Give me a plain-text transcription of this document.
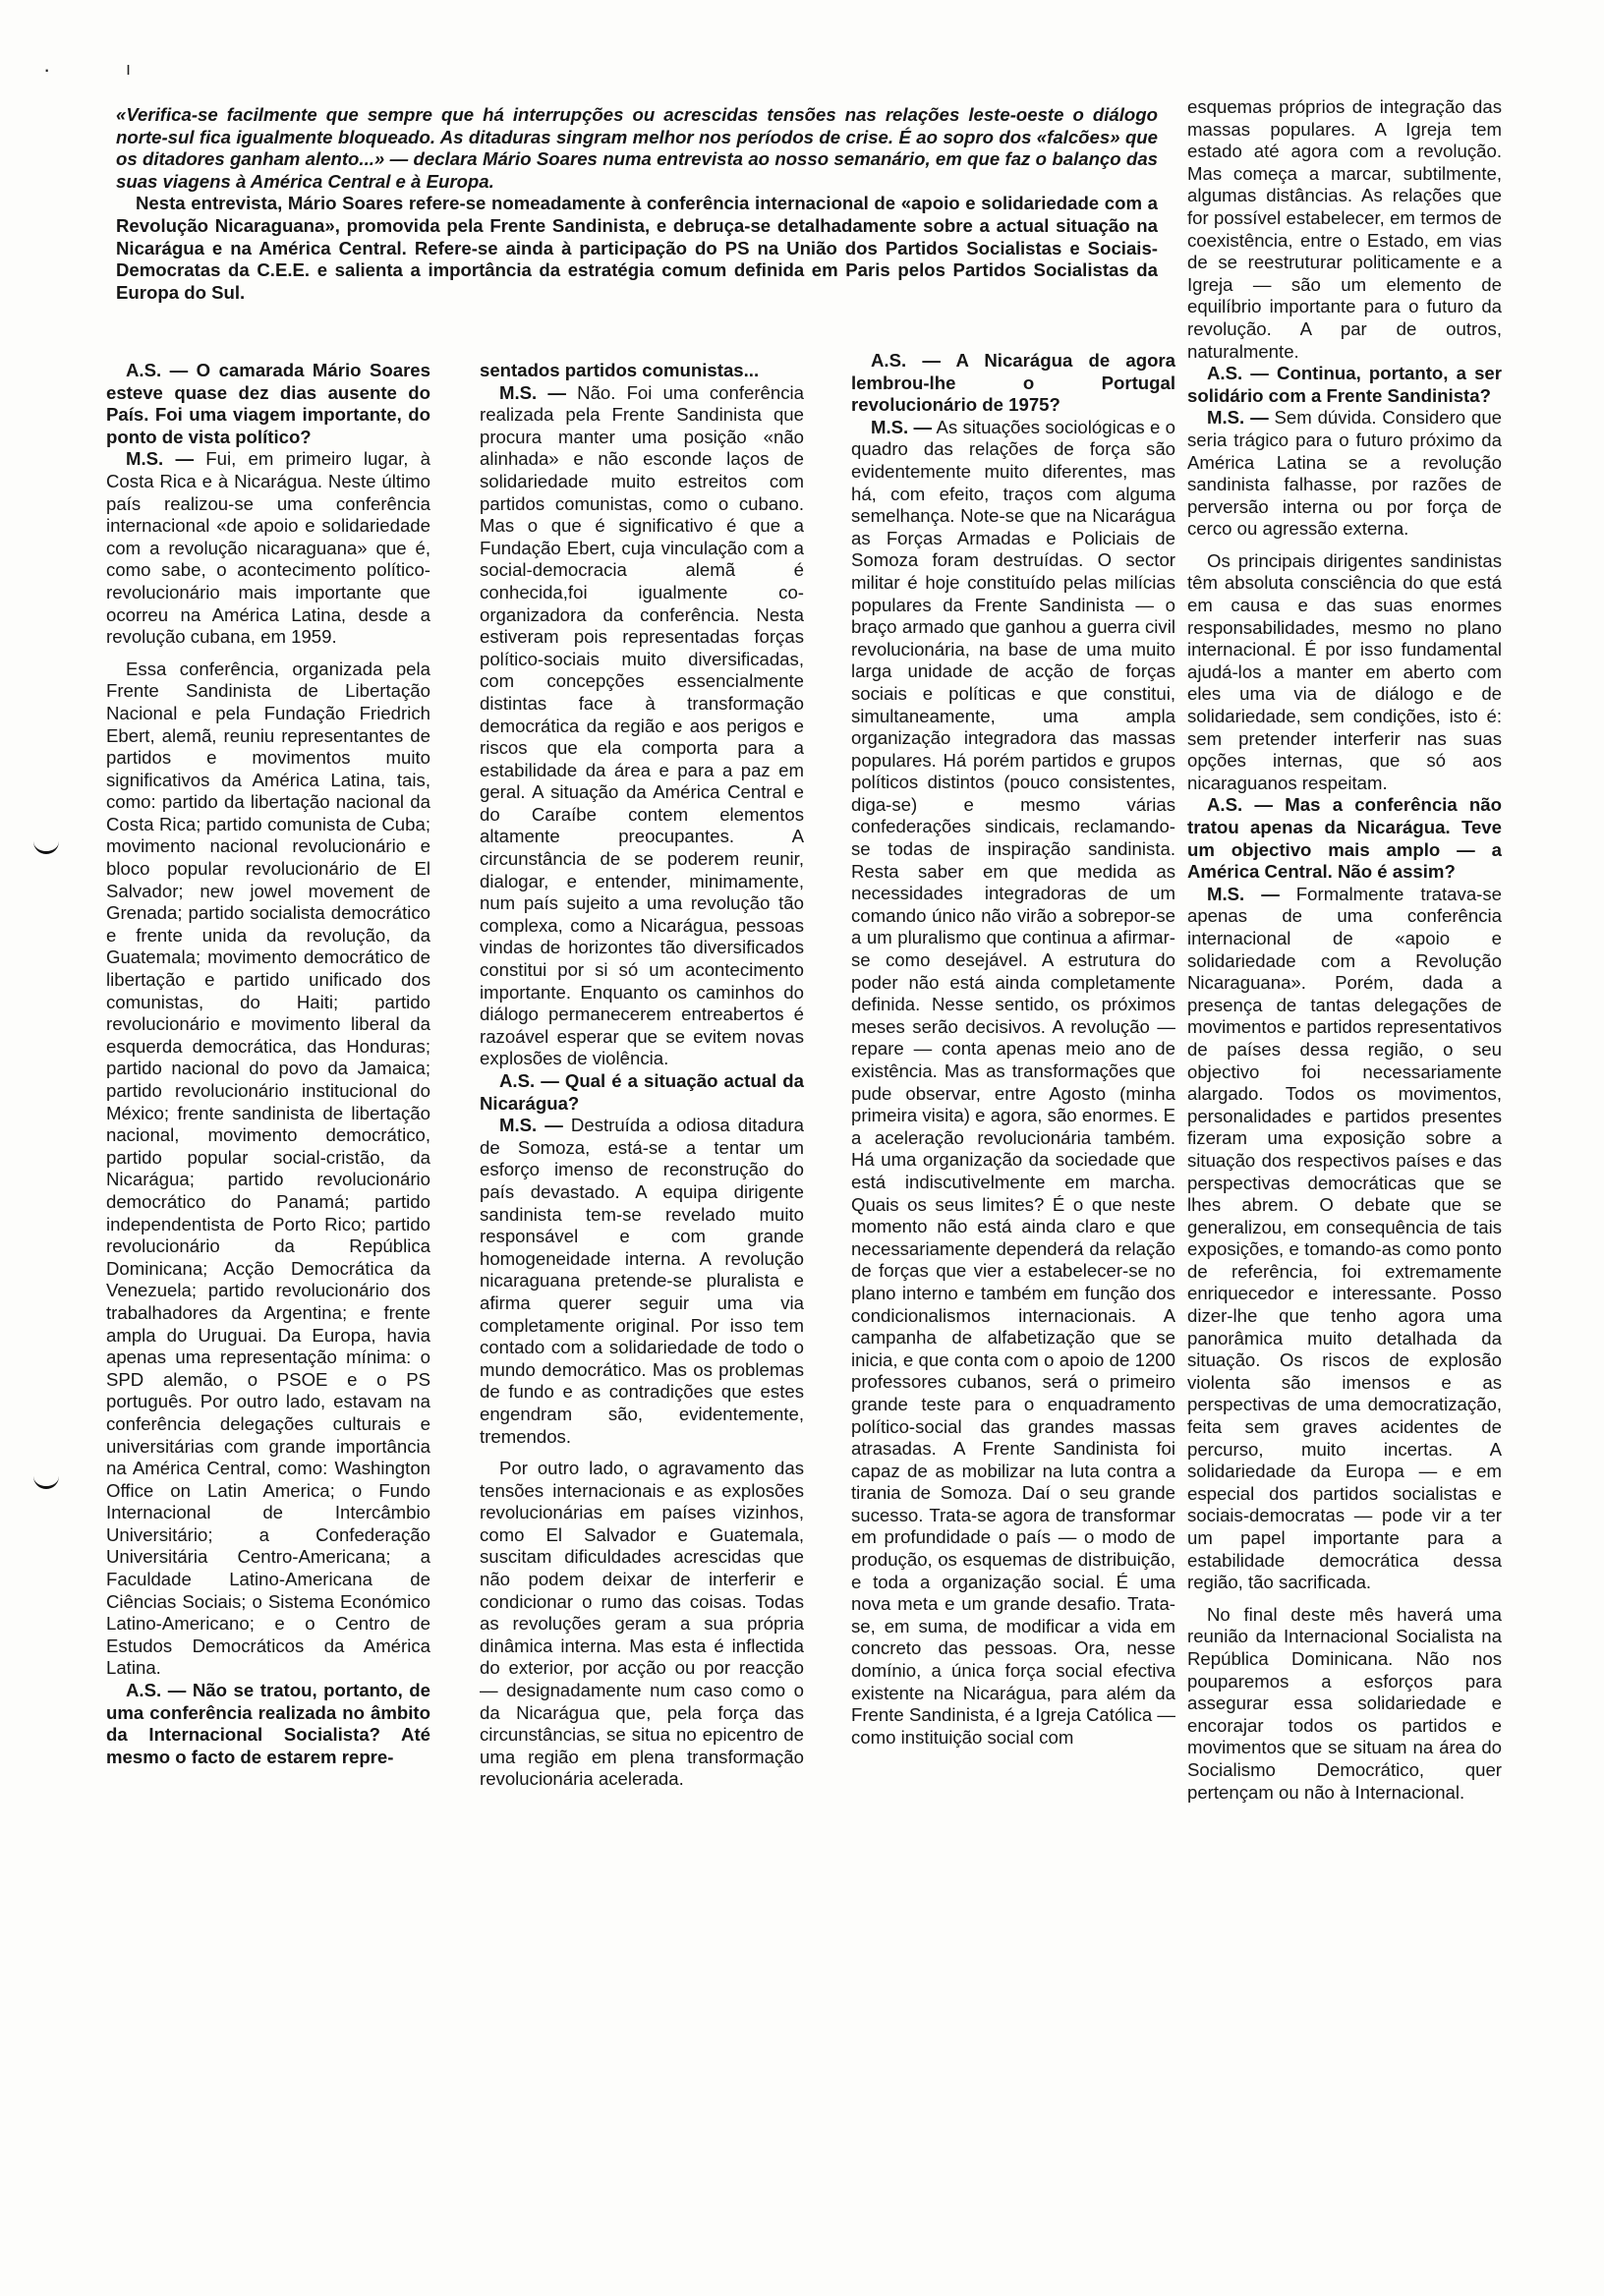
·	ı

«Verifica-se facilmente que sempre que há interrupções ou acrescidas tensões nas relações leste-oeste o diálogo norte-sul fica igualmente bloqueado. As ditaduras singram melhor nos períodos de crise. É ao sopro dos «falcões» que os ditadores ganham alento...» — declara Mário Soares numa entrevista ao nosso semanário, em que faz o balanço das suas viagens à América Central e à Europa.

Nesta entrevista, Mário Soares refere-se nomeadamente à conferência internacional de «apoio e solidariedade com a Revolução Nicaraguana», promovida pela Frente Sandinista, e debruça-se detalhadamente sobre a actual situação na Nicarágua e na América Central. Refere-se ainda à participação do PS na União dos Partidos Socialistas e Sociais-Democratas da C.E.E. e salienta a importância da estratégia comum definida em Paris pelos Partidos Socialistas da Europa do Sul.

A.S. — O camarada Mário Soares esteve quase dez dias ausente do País. Foi uma viagem importante, do ponto de vista político?

M.S. — Fui, em primeiro lugar, à Costa Rica e à Nicarágua. Neste último país realizou-se uma conferência internacional «de apoio e solidariedade com a revolução nicaraguana» que é, como sabe, o acontecimento político-revolucionário mais importante que ocorreu na América Latina, desde a revolução cubana, em 1959.

Essa conferência, organizada pela Frente Sandinista de Libertação Nacional e pela Fundação Friedrich Ebert, alemã, reuniu representantes de partidos e movimentos muito significativos da América Latina, tais, como: partido da libertação nacional da Costa Rica; partido comunista de Cuba; movimento nacional revolucionário e bloco popular revolucionário de El Salvador; new jowel movement de Grenada; partido socialista democrático e frente unida da revolução, da Guatemala; movimento democrático de libertação e partido unificado dos comunistas, do Haiti; partido revolucionário e movimento liberal da esquerda democrática, das Honduras; partido nacional do povo da Jamaica; partido revolucionário institucional do México; frente sandinista de libertação nacional, movimento democrático, partido popular social-cristão, da Nicarágua; partido revolucionário democrático do Panamá; partido independentista de Porto Rico; partido revolucionário da República Dominicana; Acção Democrática da Venezuela; partido revolucionário dos trabalhadores da Argentina; e frente ampla do Uruguai. Da Europa, havia apenas uma representação mínima: o SPD alemão, o PSOE e o PS português. Por outro lado, estavam na conferência delegações culturais e universitárias com grande importância na América Central, como: Washington Office on Latin America; o Fundo Internacional de Intercâmbio Universitário; a Confederação Universitária Centro-Americana; a Faculdade Latino-Americana de Ciências Sociais; o Sistema Económico Latino-Americano; e o Centro de Estudos Democráticos da América Latina.

A.S. — Não se tratou, portanto, de uma conferência realizada no âmbito da Internacional Socialista? Até mesmo o facto de estarem repre-

sentados partidos comunistas...

M.S. — Não. Foi uma conferência realizada pela Frente Sandinista que procura manter uma posição «não alinhada» e não esconde laços de solidariedade muito estreitos com partidos comunistas, como o cubano. Mas o que é significativo é que a Fundação Ebert, cuja vinculação com a social-democracia alemã é conhecida,foi igualmente co-organizadora da conferência. Nesta estiveram pois representadas forças político-sociais muito diversificadas, com concepções essencialmente distintas face à transformação democrática da região e aos perigos e riscos que ela comporta para a estabilidade da área e para a paz em geral. A situação da América Central e do Caraíbe contem elementos altamente preocupantes. A circunstância de se poderem reunir, dialogar, e entender, minimamente, num país sujeito a uma revolução tão complexa, como a Nicarágua, pessoas vindas de horizontes tão diversificados constitui por si só um acontecimento importante. Enquanto os caminhos do diálogo permanecerem entreabertos é razoável esperar que se evitem novas explosões de violência.

A.S. — Qual é a situação actual da Nicarágua?

M.S. — Destruída a odiosa ditadura de Somoza, está-se a tentar um esforço imenso de reconstrução do país devastado. A equipa dirigente sandinista tem-se revelado muito responsável e com grande homogeneidade interna. A revolução nicaraguana pretende-se pluralista e afirma querer seguir uma via completamente original. Por isso tem contado com a solidariedade de todo o mundo democrático. Mas os problemas de fundo e as contradições que estes engendram são, evidentemente, tremendos.

Por outro lado, o agravamento das tensões internacionais e as explosões revolucionárias em países vizinhos, como El Salvador e Guatemala, suscitam dificuldades acrescidas que não podem deixar de interferir e condicionar o rumo das coisas. Todas as revoluções geram a sua própria dinâmica interna. Mas esta é inflectida do exterior, por acção ou por reacção — designadamente num caso como o da Nicarágua que, pela força das circunstâncias, se situa no epicentro de uma região em plena transformação revolucionária acelerada.

A.S. — A Nicarágua de agora lembrou-lhe o Portugal revolucionário de 1975?

M.S. — As situações sociológicas e o quadro das relações de força são evidentemente muito diferentes, mas há, com efeito, traços com alguma semelhança. Note-se que na Nicarágua as Forças Armadas e Policiais de Somoza foram destruídas. O sector militar é hoje constituído pelas milícias populares da Frente Sandinista — o braço armado que ganhou a guerra civil revolucionária, na base de uma muito larga unidade de acção de forças sociais e políticas e que constitui, simultaneamente, uma ampla organização integradora das massas populares. Há porém partidos e grupos políticos distintos (pouco consistentes, diga-se) e mesmo várias confederações sindicais, reclamando-se todas de inspiração sandinista. Resta saber em que medida as necessidades integradoras de um comando único não virão a sobrepor-se a um pluralismo que continua a afirmar-se como desejável. A estrutura do poder não está ainda completamente definida. Nesse sentido, os próximos meses serão decisivos. A revolução — repare — conta apenas meio ano de existência. Mas as transformações que pude observar, entre Agosto (minha primeira visita) e agora, são enormes. E a aceleração revolucionária também. Há uma organização da sociedade que está indiscutivelmente em marcha. Quais os seus limites? É o que neste momento não está ainda claro e que necessariamente dependerá da relação de forças que vier a estabelecer-se no plano interno e também em função dos condicionalismos internacionais. A campanha de alfabetização que se inicia, e que conta com o apoio de 1200 professores cubanos, será o primeiro grande teste para o enquadramento político-social das grandes massas atrasadas. A Frente Sandinista foi capaz de as mobilizar na luta contra a tirania de Somoza. Daí o seu grande sucesso. Trata-se agora de transformar em profundidade o país — o modo de produção, os esquemas de distribuição, e toda a organização social. É uma nova meta e um grande desafio. Trata-se, em suma, de modificar a vida em concreto das pessoas. Ora, nesse domínio, a única força social efectiva existente na Nicarágua, para além da Frente Sandinista, é a Igreja Católica — como instituição social com

esquemas próprios de integração das massas populares. A Igreja tem estado até agora com a revolução. Mas começa a marcar, subtilmente, algumas distâncias. As relações que for possível estabelecer, em termos de coexistência, entre o Estado, em vias de se reestruturar politicamente e a Igreja — são um elemento de equilíbrio importante para o futuro da revolução. A par de outros, naturalmente.

A.S. — Continua, portanto, a ser solidário com a Frente Sandinista?

M.S. — Sem dúvida. Considero que seria trágico para o futuro próximo da América Latina se a revolução sandinista falhasse, por razões de perversão interna ou por força de cerco ou agressão externa.

Os principais dirigentes sandinistas têm absoluta consciência do que está em causa e das suas enormes responsabilidades, mesmo no plano internacional. É por isso fundamental ajudá-los a manter em aberto com eles uma via de diálogo e de solidariedade, sem condições, isto é: sem pretender interferir nas suas opções internas, que só aos nicaraguanos respeitam.

A.S. — Mas a conferência não tratou apenas da Nicarágua. Teve um objectivo mais amplo — a América Central. Não é assim?

M.S. — Formalmente tratava-se apenas de uma conferência internacional de «apoio e solidariedade com a Revolução Nicaraguana». Porém, dada a presença de tantas delegações de movimentos e partidos representativos de países dessa região, o seu objectivo foi necessariamente alargado. Todos os movimentos, personalidades e partidos presentes fizeram uma exposição sobre a situação dos respectivos países e das perspectivas democráticas que se lhes abrem. O debate que se generalizou, em consequência de tais exposições, e tomando-as como ponto de referência, foi extremamente enriquecedor e interessante. Posso dizer-lhe que tenho agora uma panorâmica muito detalhada da situação. Os riscos de explosão violenta são imensos e as perspectivas de uma democratização, feita sem graves acidentes de percurso, muito incertas. A solidariedade da Europa — e em especial dos partidos socialistas e sociais-democratas — pode vir a ter um papel importante para a estabilidade democrática dessa região, tão sacrificada.

No final deste mês haverá uma reunião da Internacional Socialista na República Dominicana. Não nos pouparemos a esforços para assegurar essa solidariedade e encorajar todos os partidos e movimentos que se situam na área do Socialismo Democrático, quer pertençam ou não à Internacional.
